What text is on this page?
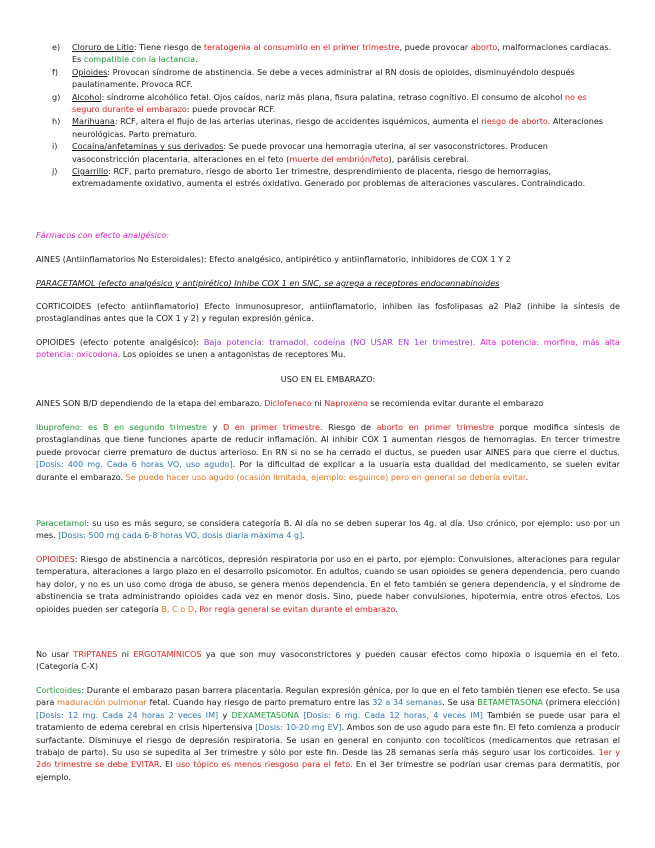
e)	Cloruro de Litio: Tiene riesgo de teratogenia al consumirlo en el primer trimestre, puede provocar aborto, malformaciones cardiacas. Es compatible con la lactancia.
f)	Opioides: Provocan síndrome de abstinencia. Se debe a veces administrar al RN dosis de opioides, disminuyéndolo después paulatinamente. Provoca RCF.
g)	Alcohol: síndrome alcohólico fetal. Ojos caídos, nariz más plana, fisura palatina, retraso cognitivo. El consumo de alcohol no es seguro durante el embarazo: puede provocar RCF.
h)	Marihuana: RCF, altera el flujo de las arterias uterinas, riesgo de accidentes isquémicos, aumenta el riesgo de aborto. Alteraciones neurológicas. Parto prematuro.
i)	Cocaína/anfetaminas y sus derivados: Se puede provocar una hemorragia uterina, al ser vasoconstrictores. Producen vasoconstricción placentaria, alteraciones en el feto (muerte del embrión/feto), parálisis cerebral.
j)	Cigarrillo: RCF, parto prematuro, riesgo de aborto 1er trimestre, desprendimiento de placenta, riesgo de hemorragias, extremadamente oxidativo, aumenta el estrés oxidativo. Generado por problemas de alteraciones vasculares. Contraindicado.
Fármacos con efecto analgésico:
AINES (Antiinflamatorios No Esteroidales): Efecto analgésico, antipirético y antiinflamatorio, inhibidores de COX 1 Y 2
PARACETAMOL (efecto analgésico y antipirético) Inhibe COX 1 en SNC, se agrega a receptores endocannabinoides
CORTICOIDES (efecto antiinflamatorio) Efecto inmunosupresor, antiinflamatorio, inhiben las fosfolipasas a2 Pla2 (inhibe la síntesis de prostaglandinas antes que la COX 1 y 2) y regulan expresión génica.
OPIOIDES (efecto potente analgésico): Baja potencia: tramadol, codeína (NO USAR EN 1er trimestre). Alta potencia: morfina, más alta potencia: oxicodona. Los opioides se unen a antagonistas de receptores Mu.
USO EN EL EMBARAZO:
AINES SON B/D dependiendo de la etapa del embarazo. Diclofenaco ni Naproxeno se recomienda evitar durante el embarazo
Ibuprofeno: es B en segundo trimestre y D en primer trimestre. Riesgo de aborto en primer trimestre porque modifica síntesis de prostaglandinas que tiene funciones aparte de reducir inflamación. Al inhibir COX 1 aumentan riesgos de hemorragias. En tercer trimestre puede provocar cierre prematuro de ductus arterioso. En RN si no se ha cerrado el ductus, se pueden usar AINES para que cierre el ductus. [Dosis: 400 mg. Cada 6 horas VO, uso agudo]. Por la dificultad de explicar a la usuaria esta dualidad del medicamento, se suelen evitar durante el embarazo. Se puede hacer uso agudo (ocasión limitada, ejemplo: esguince) pero en general se debería evitar.
Paracetamol: su uso es más seguro, se considera categoría B. Al día no se deben superar los 4g. al día. Uso crónico, por ejemplo: uso por un mes. [Dosis: 500 mg cada 6-8 horas VO, dosis diaria máxima 4 g].
OPIOIDES: Riesgo de abstinencia a narcóticos, depresión respiratoria por uso en el parto, por ejemplo: Convulsiones, alteraciones para regular temperatura, alteraciones a largo plazo en el desarrollo psicomotor. En adultos, cuando se usan opioides se genera dependencia, pero cuando hay dolor, y no es un uso como droga de abuso, se genera menos dependencia. En el feto también se genera dependencia, y el síndrome de abstinencia se trata administrando opioides cada vez en menor dosis. Sino, puede haber convulsiones, hipotermia, entre otros efectos. Los opioides pueden ser categoría B, C o D. Por regla general se evitan durante el embarazo.
No usar TRIPTANES ni ERGOTAMÍNICOS ya que son muy vasoconstrictores y pueden causar efectos como hipoxia o isquemia en el feto. (Categoría C-X)
Corticoides: Durante el embarazo pasan barrera placentaria. Regulan expresión génica, por lo que en el feto también tienen ese efecto. Se usa para maduración pulmonar fetal. Cuando hay riesgo de parto prematuro entre las 32 a 34 semanas. Se usa BETAMETASONA (primera elección) [Dosis: 12 mg. Cada 24 horas 2 veces IM] y DEXAMETASONA [Dosis: 6 mg. Cada 12 horas, 4 veces IM] También se puede usar para el tratamiento de edema cerebral en crisis hipertensiva [Dosis: 10-20 mg EV]. Ambos son de uso agudo para este fin. El feto comienza a producir surfactante. Disminuye el riesgo de depresión respiratoria. Se usan en general en conjunto con tocolíticos (medicamentos que retrasan el trabajo de parto). Su uso se supedita al 3er trimestre y sólo por este fin. Desde las 28 semanas sería más seguro usar los corticoides. 1er y 2do trimestre se debe EVITAR. El uso tópico es menos riesgoso para el feto. En el 3er trimestre se podrían usar cremas para dermatitis, por ejemplo.
